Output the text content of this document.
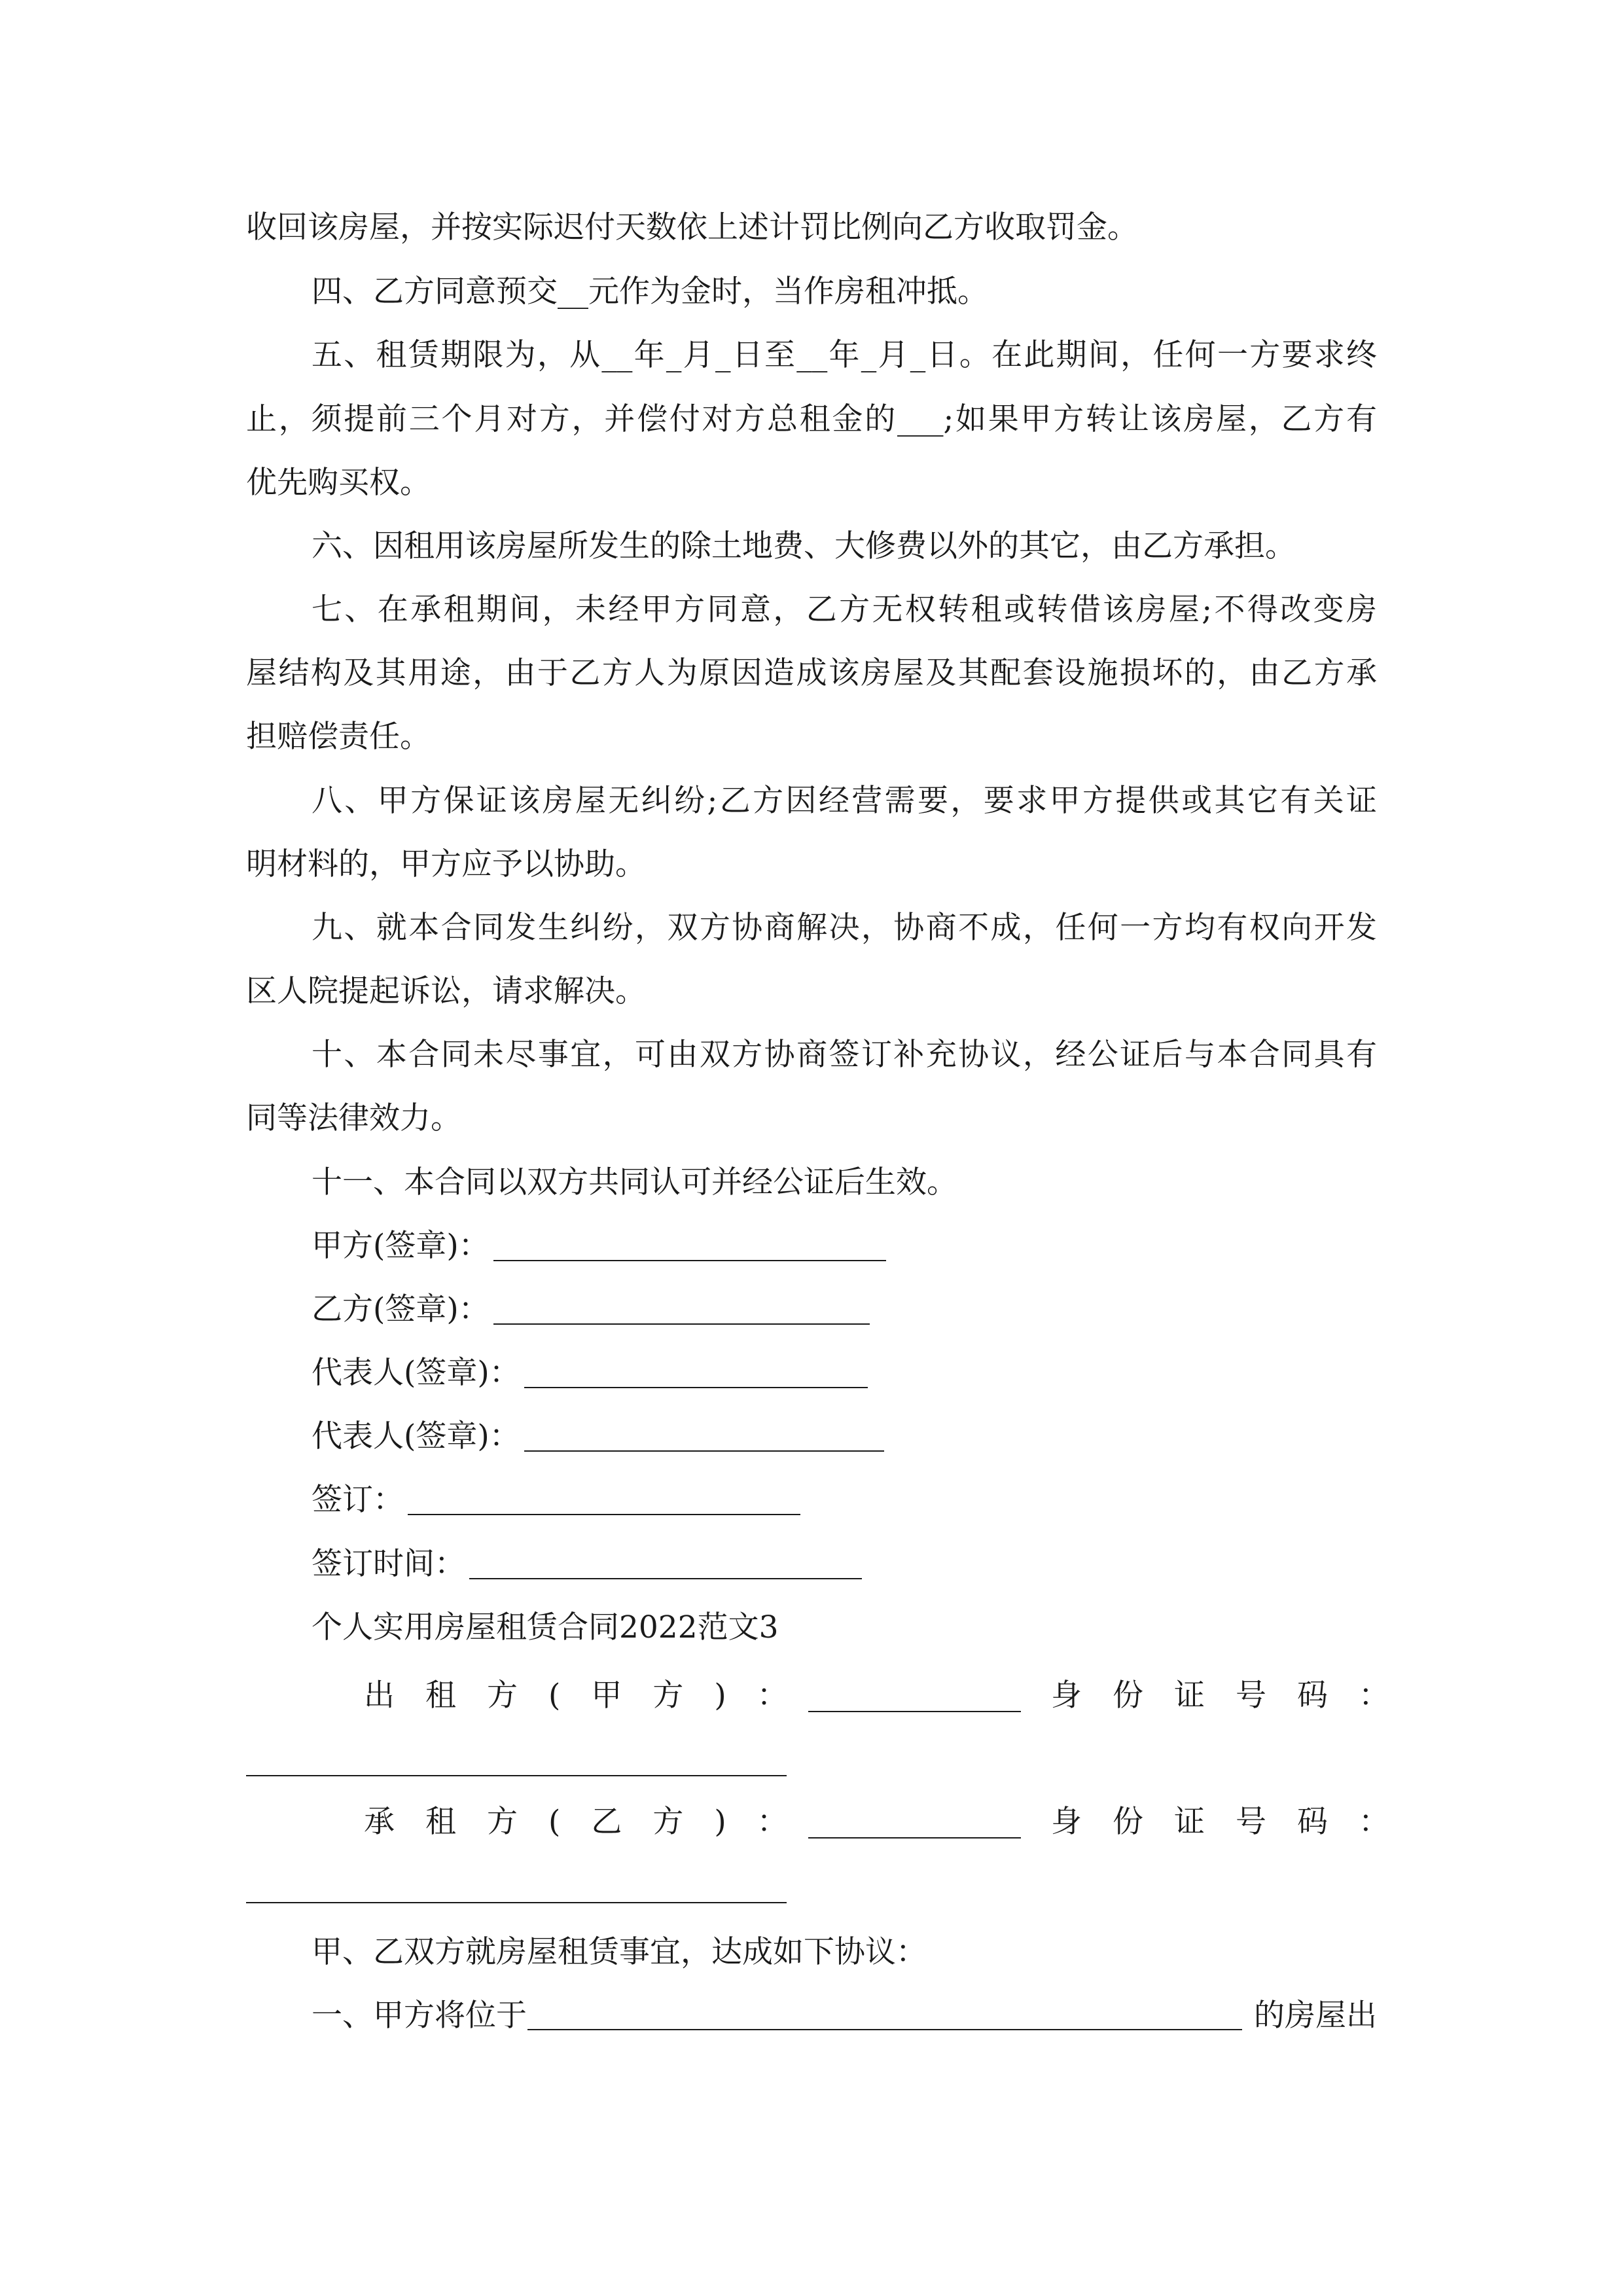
收回该房屋，并按实际迟付天数依上述计罚比例向乙方收取罚金。
四、乙方同意预交__元作为金时，当作房租冲抵。
五、租赁期限为，从__年_月_日至__年_月_日。在此期间，任何一方要求终
止，须提前三个月对方，并偿付对方总租金的___;如果甲方转让该房屋，乙方有
优先购买权。
六、因租用该房屋所发生的除土地费、大修费以外的其它，由乙方承担。
七、在承租期间，未经甲方同意，乙方无权转租或转借该房屋;不得改变房
屋结构及其用途，由于乙方人为原因造成该房屋及其配套设施损坏的，由乙方承
担赔偿责任。
八、甲方保证该房屋无纠纷;乙方因经营需要，要求甲方提供或其它有关证
明材料的，甲方应予以协助。
九、就本合同发生纠纷，双方协商解决，协商不成，任何一方均有权向开发
区人院提起诉讼，请求解决。
十、本合同未尽事宜，可由双方协商签订补充协议，经公证后与本合同具有
同等法律效力。
十一、本合同以双方共同认可并经公证后生效。
甲方(签章)：
乙方(签章)：
代表人(签章)：
代表人(签章)：
签订：
签订时间：
个人实用房屋租赁合同2022范文3
出　租　方　(　甲　方　)　：	身　份　证　号　码　：
承　租　方　(　乙　方　)　：	身　份　证　号　码　：
甲、乙双方就房屋租赁事宜，达成如下协议：
一、甲方将位于	的房屋出
